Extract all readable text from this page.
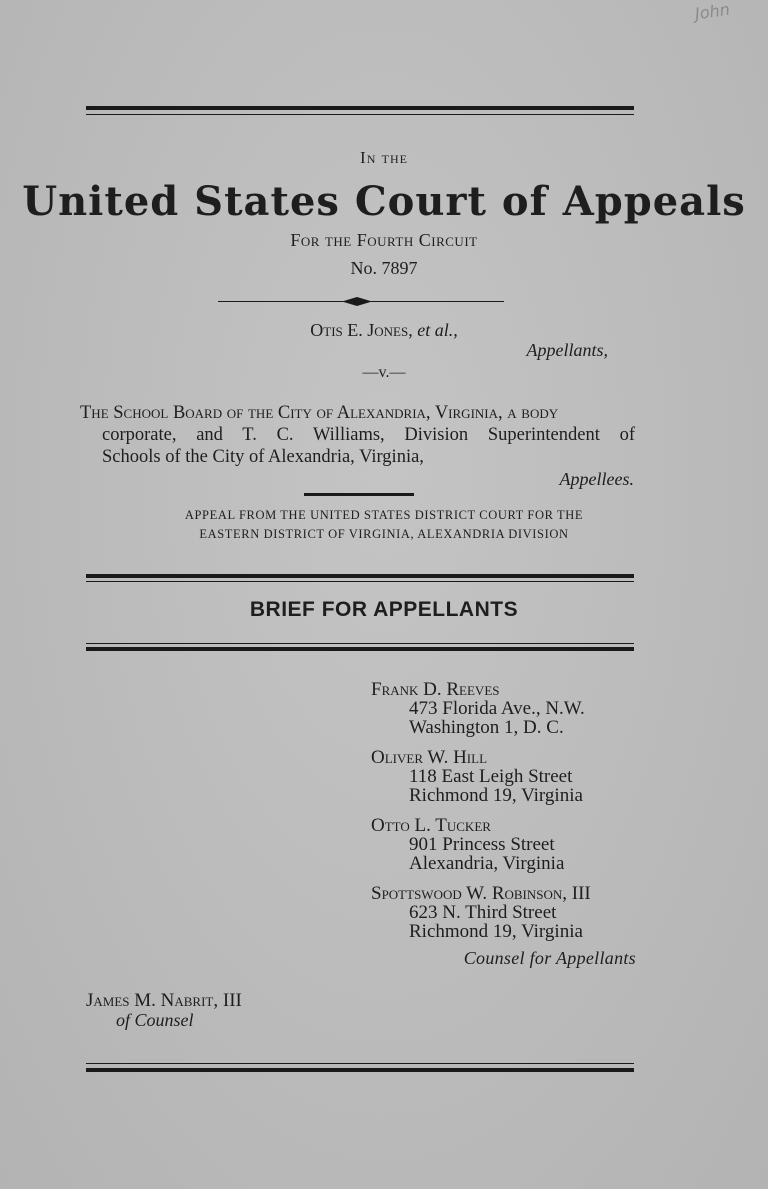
John
In the
United States Court of Appeals
For the Fourth Circuit
No. 7897
Otis E. Jones, et al.,
Appellants,
—v.—
The School Board of the City of Alexandria, Virginia, a body
corporate, and T. C. Williams, Division Superintendent of
Schools of the City of Alexandria, Virginia,
Appellees.
APPEAL FROM THE UNITED STATES DISTRICT COURT FOR THE
EASTERN DISTRICT OF VIRGINIA, ALEXANDRIA DIVISION
BRIEF FOR APPELLANTS
Frank D. Reeves
473 Florida Ave., N.W.
Washington 1, D. C.
Oliver W. Hill
118 East Leigh Street
Richmond 19, Virginia
Otto L. Tucker
901 Princess Street
Alexandria, Virginia
Spottswood W. Robinson, III
623 N. Third Street
Richmond 19, Virginia
Counsel for Appellants
James M. Nabrit, III
of Counsel
